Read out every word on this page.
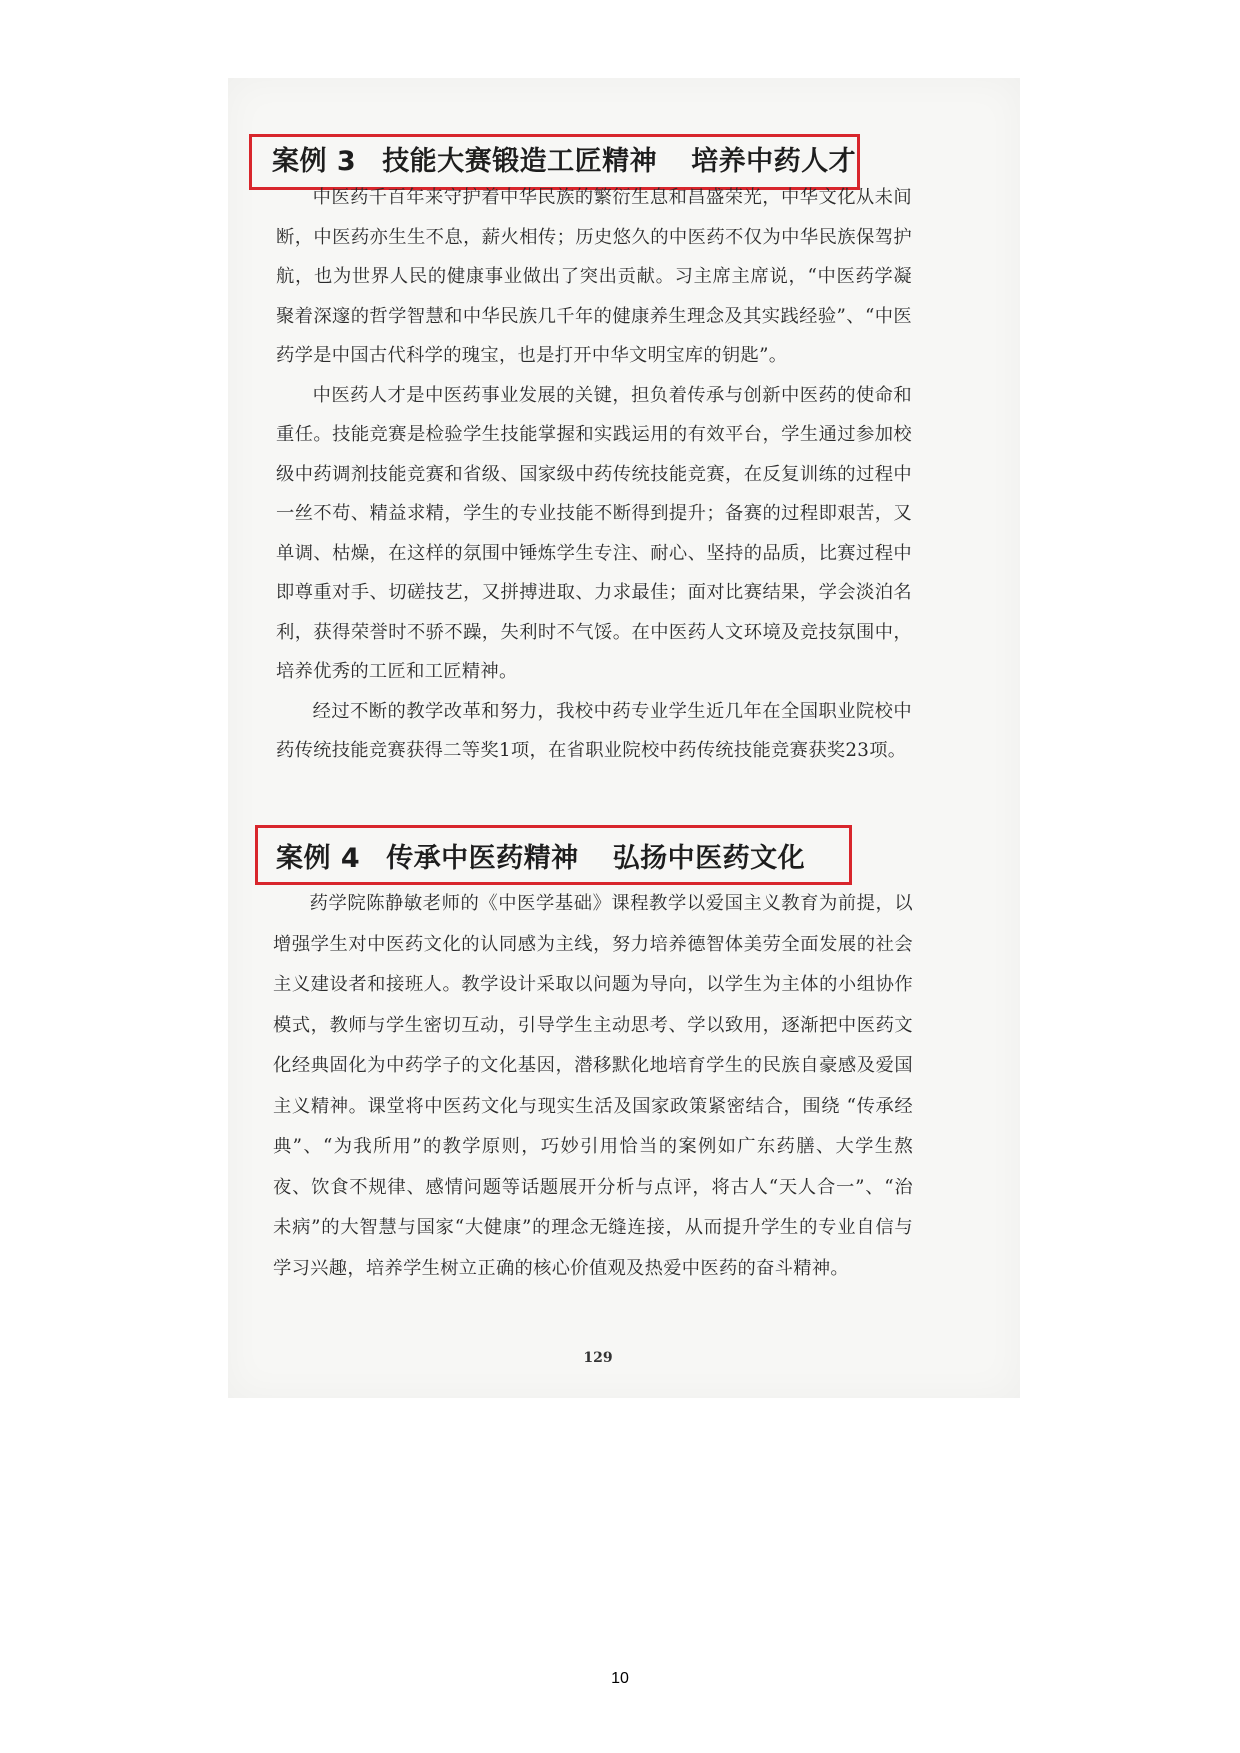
案例 3 技能大赛锻造工匠精神 培养中药人才

中医药千百年来守护着中华民族的繁衍生息和昌盛荣光，中华文化从未间断，中医药亦生生不息，薪火相传；历史悠久的中医药不仅为中华民族保驾护航，也为世界人民的健康事业做出了突出贡献。习主席主席说，“中医药学凝聚着深邃的哲学智慧和中华民族几千年的健康养生理念及其实践经验”、“中医药学是中国古代科学的瑰宝，也是打开中华文明宝库的钥匙”。

中医药人才是中医药事业发展的关键，担负着传承与创新中医药的使命和重任。技能竞赛是检验学生技能掌握和实践运用的有效平台，学生通过参加校级中药调剂技能竞赛和省级、国家级中药传统技能竞赛，在反复训练的过程中一丝不苟、精益求精，学生的专业技能不断得到提升；备赛的过程即艰苦，又单调、枯燥，在这样的氛围中锤炼学生专注、耐心、坚持的品质，比赛过程中即尊重对手、切磋技艺，又拼搏进取、力求最佳；面对比赛结果，学会淡泊名利，获得荣誉时不骄不躁，失利时不气馁。在中医药人文环境及竞技氛围中，培养优秀的工匠和工匠精神。

经过不断的教学改革和努力，我校中药专业学生近几年在全国职业院校中药传统技能竞赛获得二等奖1项，在省职业院校中药传统技能竞赛获奖23项。

案例 4 传承中医药精神 弘扬中医药文化

药学院陈静敏老师的《中医学基础》课程教学以爱国主义教育为前提，以增强学生对中医药文化的认同感为主线，努力培养德智体美劳全面发展的社会主义建设者和接班人。教学设计采取以问题为导向，以学生为主体的小组协作模式，教师与学生密切互动，引导学生主动思考、学以致用，逐渐把中医药文化经典固化为中药学子的文化基因，潜移默化地培育学生的民族自豪感及爱国主义精神。课堂将中医药文化与现实生活及国家政策紧密结合，围绕 “传承经典”、“为我所用”的教学原则，巧妙引用恰当的案例如广东药膳、大学生熬夜、饮食不规律、感情问题等话题展开分析与点评，将古人“天人合一”、“治未病”的大智慧与国家“大健康”的理念无缝连接，从而提升学生的专业自信与学习兴趣，培养学生树立正确的核心价值观及热爱中医药的奋斗精神。

129
10
